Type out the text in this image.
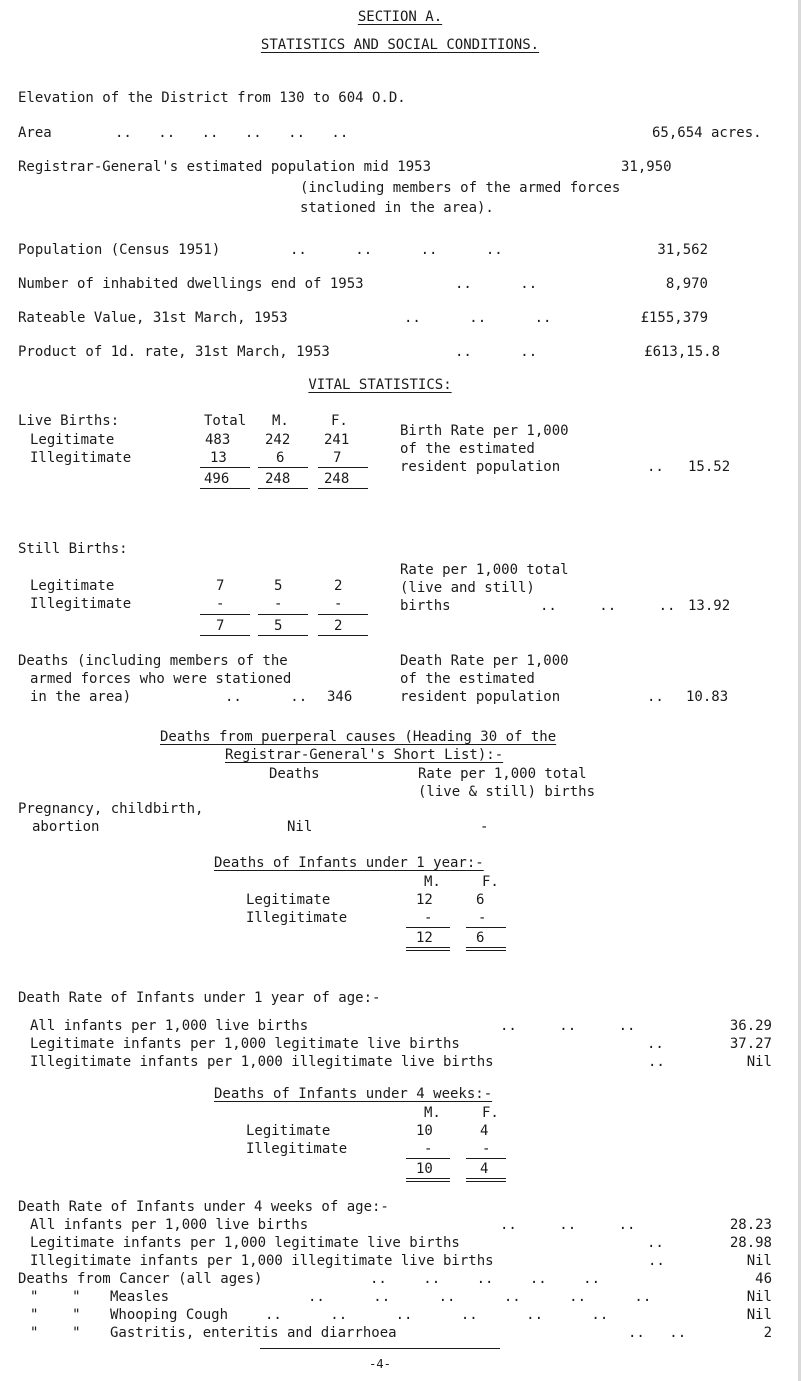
SECTION A.
STATISTICS AND SOCIAL CONDITIONS.
Elevation of the District from 130 to 604 O.D.
Area	.. .. .. .. .. ..	65,654 acres.
Registrar-General's estimated population mid 1953	31,950
(including members of the armed forces
stationed in the area).
Population (Census 1951)	.. .. .. ..	31,562
Number of inhabited dwellings end of 1953	.. ..	8,970
Rateable Value, 31st March, 1953	.. .. ..	£155,379
Product of 1d. rate, 31st March, 1953	.. ..	£613,15.8
VITAL STATISTICS:
Live Births:	Total M.	F.
Legitimate	483 242 241
Illegitimate	13	6	7
496	248 248
Birth Rate per 1,000
of the estimated
resident population	.. 15.52
Still Births:
Legitimate	7	5	2
Illegitimate	-	-	-
7	5	2
Rate per 1,000 total
(live and still)
births	.. .. .. 13.92
Deaths (including members of the
armed forces who were stationed
in the area)	.. .. 346
Death Rate per 1,000
of the estimated
resident population	.. 10.83
Deaths from puerperal causes (Heading 30 of the
Registrar-General's Short List):-
Deaths	Rate per 1,000 total
(live & still) births
Pregnancy, childbirth,
abortion	Nil	-
Deaths of Infants under 1 year:-
M.	F.
Legitimate	12	6
Illegitimate	-	-
12	6
Death Rate of Infants under 1 year of age:-
All infants per 1,000 live births	.. .. ..	36.29
Legitimate infants per 1,000 legitimate live births	..	37.27
Illegitimate infants per 1,000 illegitimate live births	..	Nil
Deaths of Infants under 4 weeks:-
M.	F.
Legitimate	10	4
Illegitimate	-	-
10	4
Death Rate of Infants under 4 weeks of age:-
All infants per 1,000 live births	.. .. ..	28.23
Legitimate infants per 1,000 legitimate live births	..	28.98
Illegitimate infants per 1,000 illegitimate live births	..	Nil
Deaths from Cancer (all ages)	.. .. .. .. ..	46
"    " Measles	.. .. .. .. .. ..	Nil
"    " Whooping Cough	.. .. .. .. .. ..	Nil
"    " Gastritis, enteritis and diarrhoea	.. ..	2
-4-
